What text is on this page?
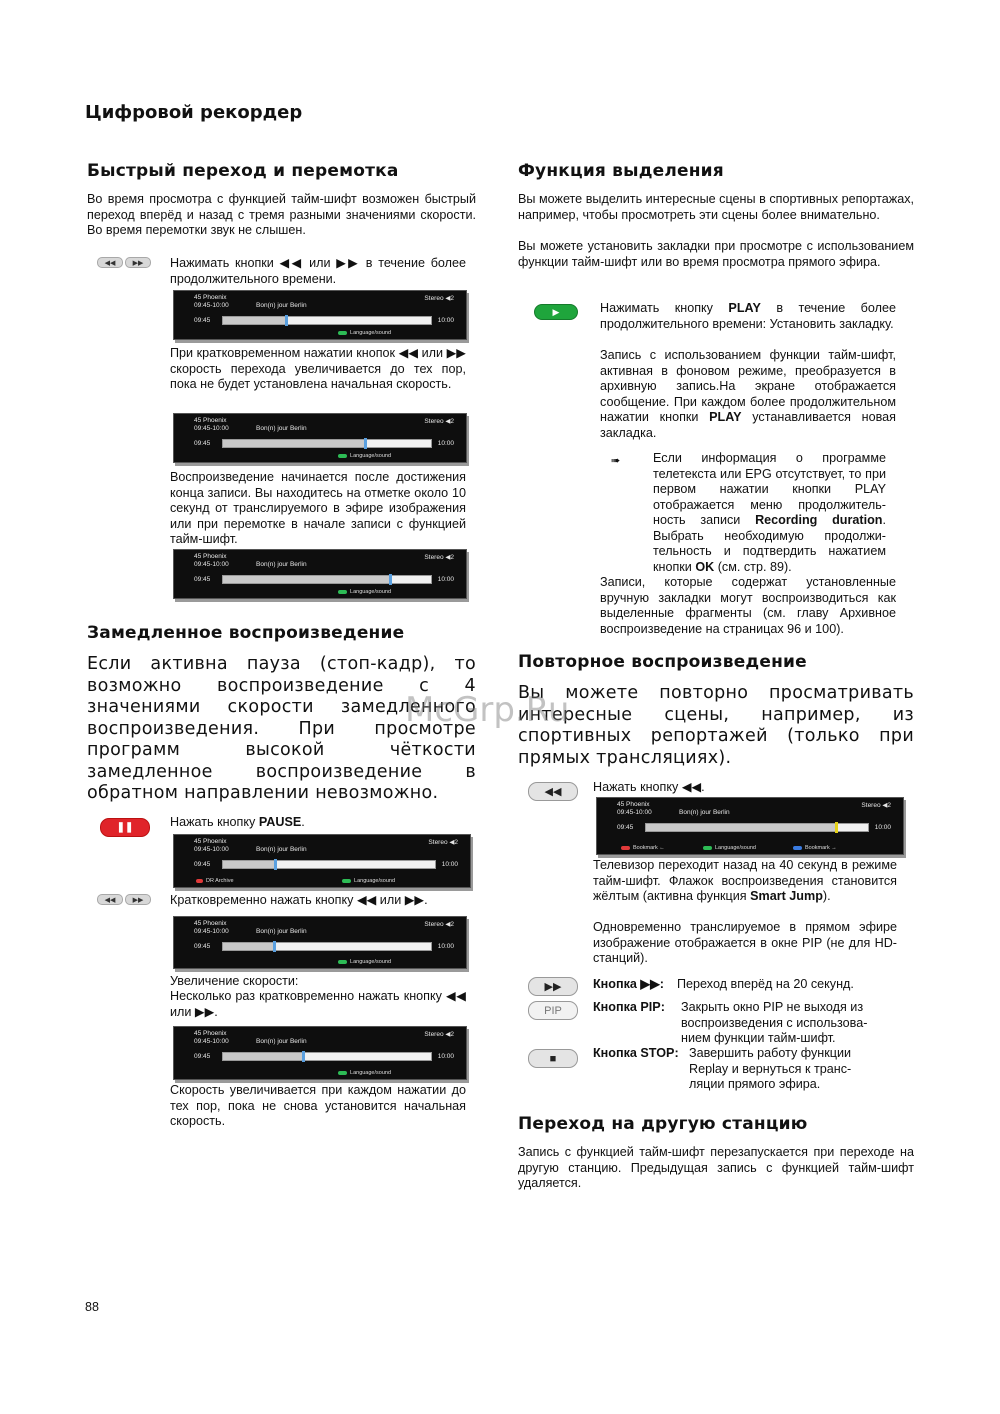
Цифровой рекордер
Быстрый переход и перемотка
Во время просмотра с функцией тайм-шифт возможен быстрый переход вперёд и назад с тремя разными значениями скорости. Во время перемотки звук не слышен.
◀◀	▶▶	Нажимать кнопки ◀◀ или ▶▶ в течение более продолжительного времени.
45 Phoenix
09:45-10:00	Bon(n) jour Berlin
Stereo ◀2
09:45	10:00
Language/sound
При кратковременном нажатии кнопок ◀◀ или ▶▶ скорость перехода увеличивается до тех пор, пока не будет установлена начальная скорость.
45 Phoenix
09:45-10:00	Bon(n) jour Berlin
Stereo ◀2
09:45	10:00
Language/sound
Воспроизведение начинается после достижения конца записи. Вы находитесь на отметке около 10 секунд от транслируемого в эфире изображения или при перемотке в начале записи с функцией тайм-шифт.
45 Phoenix
09:45-10:00	Bon(n) jour Berlin
Stereo ◀2
09:45	10:00
Language/sound
Замедленное воспроизведение
Если активна пауза (стоп-кадр), то возможно воспроизведение с 4 значениями скорости замедленного воспроизведения. При просмотре программ высокой чёткости замедленное воспроизведение в обратном направлении невозможно.
❚❚	Нажать кнопку PAUSE.
45 Phoenix
09:45-10:00	Bon(n) jour Berlin
Stereo ◀2
09:45	10:00
DR Archive	Language/sound
◀◀	▶▶	Кратковременно нажать кнопку ◀◀ или ▶▶.
45 Phoenix
09:45-10:00	Bon(n) jour Berlin
Stereo ◀2
09:45	10:00
Language/sound
Увеличение скорости:
Несколько раз кратковременно нажать кнопку ◀◀ или ▶▶.
45 Phoenix
09:45-10:00	Bon(n) jour Berlin
Stereo ◀2
09:45	10:00
Language/sound
Скорость увеличивается при каждом нажатии до тех пор, пока не снова установится начальная скорость.
Функция выделения
Вы можете выделить интересные сцены в спортивных репортажах, например, чтобы просмотреть эти сцены более внимательно.
Вы можете установить закладки при просмотре с использованием функции тайм-шифт или во время просмотра прямого эфира.
▶	Нажимать кнопку PLAY в течение более продолжительного времени: Установить закладку.
Запись с использованием функции тайм-шифт, активная в фоновом режиме, преобразуется в архивную запись.На экране отображается сообщение. При каждом более продолжительном нажатии кнопки PLAY устанавливается новая закладка.
➠	Если информация о программе телетекста или EPG отсутствует, то при первом нажатии кнопки PLAY отображается меню продолжитель-ность записи Recording duration. Выбрать необходимую продолжи-тельность и подтвердить нажатием кнопки OK (см. стр. 89).
Записи, которые содержат установленные вручную закладки могут воспроизводиться как выделенные фрагменты (см. главу Архивное воспроизведение на страницах 96 и 100).
Повторное воспроизведение
Вы можете повторно просматривать интересные сцены, например, из спортивных репортажей (только при прямых трансляциях).
◀◀	Нажать кнопку ◀◀.
45 Phoenix
09:45-10:00	Bon(n) jour Berlin
Stereo ◀2
09:45	10:00
Bookmark ←	Language/sound	Bookmark →
Телевизор переходит назад на 40 секунд в режиме тайм-шифт. Флажок воспроизведения становится жёлтым (активна функция Smart Jump).
Одновременно транслируемое в прямом эфире изображение отображается в окне PIP (не для HD-станций).
▶▶	Кнопка ▶▶:	Переход вперёд на 20 секунд.
PIP	Кнопка PIP:	Закрыть окно PIP не выходя из воспроизведения с использова-нием функции тайм-шифт.
■	Кнопка STOP: Завершить работу функции Replay и вернуться к транс-ляции прямого эфира.
Переход на другую станцию
Запись с функцией тайм-шифт перезапускается при переходе на другую станцию. Предыдущая запись с функцией тайм-шифт удаляется.
McGrp.Ru
88
